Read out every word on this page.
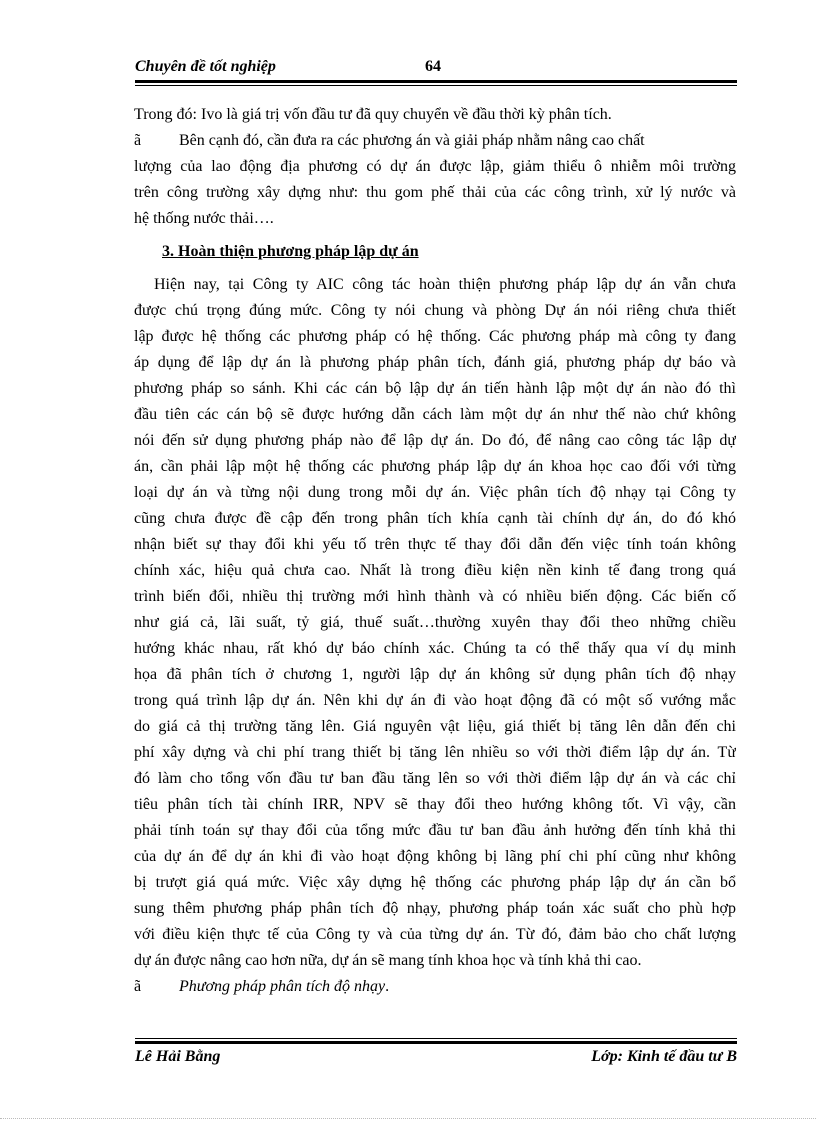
Chuyên đề tốt nghiệp	64
Trong đó: Ivo là giá trị vốn đầu tư đã quy chuyển về đầu thời kỳ phân tích.
ã Bên cạnh đó, cần đưa ra các phương án và giải pháp nhằm nâng cao chất
lượng của lao động địa phương có dự án được lập, giảm thiểu ô nhiễm môi trường
trên công trường xây dựng như: thu gom phế thải của các công trình, xử lý nước và
hệ thống nước thải….
3. Hoàn thiện phương pháp lập dự án
Hiện nay, tại Công ty AIC công tác hoàn thiện phương pháp lập dự án vẫn chưa
được chú trọng đúng mức. Công ty nói chung và phòng Dự án nói riêng chưa thiết
lập được hệ thống các phương pháp có hệ thống. Các phương pháp mà công ty đang
áp dụng để lập dự án là phương pháp phân tích, đánh giá, phương pháp dự báo và
phương pháp so sánh. Khi các cán bộ lập dự án tiến hành lập một dự án nào đó thì
đầu tiên các cán bộ sẽ được hướng dẫn cách làm một dự án như thế nào chứ không
nói đến sử dụng phương pháp nào để lập dự án. Do đó, để nâng cao công tác lập dự
án, cần phải lập một hệ thống các phương pháp lập dự án khoa học cao đối với từng
loại dự án và từng nội dung trong mỗi dự án. Việc phân tích độ nhạy tại Công ty
cũng chưa được đề cập đến trong phân tích khía cạnh tài chính dự án, do đó khó
nhận biết sự thay đổi khi yếu tố trên thực tế thay đổi dẫn đến việc tính toán không
chính xác, hiệu quả chưa cao. Nhất là trong điều kiện nền kinh tế đang trong quá
trình biến đổi, nhiều thị trường mới hình thành và có nhiều biến động. Các biến cố
như giá cả, lãi suất, tỷ giá, thuế suất…thường xuyên thay đổi theo những chiều
hướng khác nhau, rất khó dự báo chính xác. Chúng ta có thể thấy qua ví dụ minh
họa đã phân tích ở chương 1, người lập dự án không sử dụng phân tích độ nhạy
trong quá trình lập dự án. Nên khi dự án đi vào hoạt động đã có một số vướng mắc
do giá cả thị trường tăng lên. Giá nguyên vật liệu, giá thiết bị tăng lên dẫn đến chi
phí xây dựng và chi phí trang thiết bị tăng lên nhiều so với thời điểm lập dự án. Từ
đó làm cho tổng vốn đầu tư ban đầu tăng lên so với thời điểm lập dự án và các chỉ
tiêu phân tích tài chính IRR, NPV sẽ thay đổi theo hướng không tốt. Vì vậy, cần
phải tính toán sự thay đổi của tổng mức đầu tư ban đầu ảnh hưởng đến tính khả thi
của dự án để dự án khi đi vào hoạt động không bị lãng phí chi phí cũng như không
bị trượt giá quá mức. Việc xây dựng hệ thống các phương pháp lập dự án cần bổ
sung thêm phương pháp phân tích độ nhạy, phương pháp toán xác suất cho phù hợp
với điều kiện thực tế của Công ty và của từng dự án. Từ đó, đảm bảo cho chất lượng
dự án được nâng cao hơn nữa, dự án sẽ mang tính khoa học và tính khả thi cao.
ã Phương pháp phân tích độ nhạy.
Lê Hải Bằng	Lớp: Kinh tế đầu tư B
